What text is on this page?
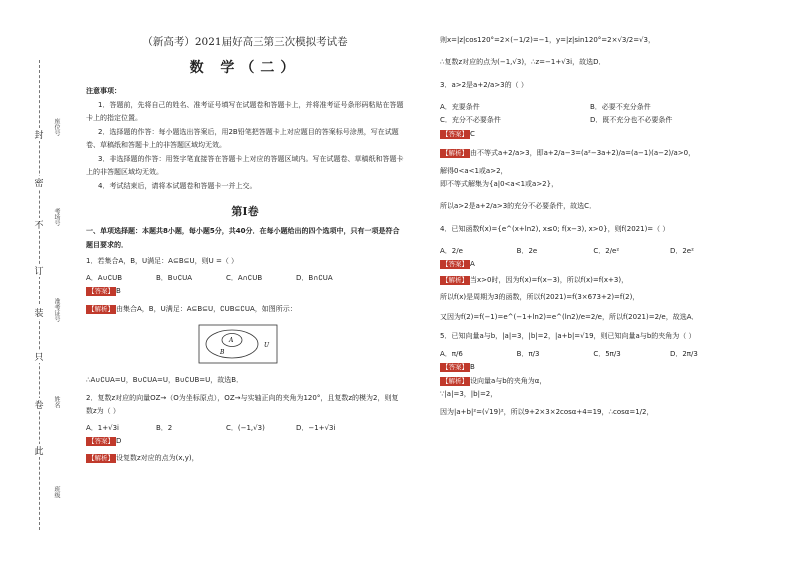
封
密
不
订
装
只
卷
此
座位号
考场号
准考证号
姓名
班级
（新高考）2021届好高三第三次模拟考试卷
数 学（二）
注意事项：
1．答题前，先将自己的姓名、准考证号填写在试题卷和答题卡上，并将准考证号条形码粘贴在答题卡上的指定位置。
2．选择题的作答：每小题选出答案后，用2B铅笔把答题卡上对应题目的答案标号涂黑，写在试题卷、草稿纸和答题卡上的非答题区域均无效。
3．非选择题的作答：用签字笔直接答在答题卡上对应的答题区域内。写在试题卷、草稿纸和答题卡上的非答题区域均无效。
4．考试结束后，请将本试题卷和答题卡一并上交。
第Ⅰ卷
一、单项选择题：本题共8小题，每小题5分，共40分．在每小题给出的四个选项中，只有一项是符合题目要求的．
1．若集合A，B，U满足：A⊆B⊆U，则U =（ ）
A．A∪∁UB	B．B∪∁UA	C．A∩∁UB	D．B∩∁UA
【答案】 B
【解析】 由集合A，B，U满足：A⊆B⊆U，∁UB⊆∁UA，如图所示：
A
B
U
∴A∪∁UA=U，B∪∁UA=U，B∪∁UB=U，故选B．
2．复数z对应的向量OZ→（O为坐标原点），OZ→与实轴正向的夹角为120°，且复数z的模为2，则复数z为（ ）
A．1+√3i	B．2	C．(−1,√3)	D．−1+√3i
【答案】 D
【解析】 设复数z对应的点为(x,y)，
则x=|z|cos120°=2×(−1/2)=−1，y=|z|sin120°=2×√3/2=√3，
∴复数z对应的点为(−1,√3)，∴z=−1+√3i，故选D．
3．a>2是a+2/a>3的（ ）
A．充要条件	B．必要不充分条件
C．充分不必要条件	D．既不充分也不必要条件
【答案】 C
【解析】 由不等式a+2/a>3，即a+2/a−3=(a²−3a+2)/a=(a−1)(a−2)/a>0，
解得0<a<1或a>2，
即不等式解集为{a|0<a<1或a>2}，
所以a>2是a+2/a>3的充分不必要条件，故选C．
4．已知函数f(x)={e^(x+ln2), x≤0; f(x−3), x>0}，则f(2021)=（ ）
A．2/e	B．2e	C．2/e²	D．2e²
【答案】 A
【解析】 当x>0时，因为f(x)=f(x−3)，所以f(x)=f(x+3)，
所以f(x)是周期为3的函数，所以f(2021)=f(3×673+2)=f(2)，
又因为f(2)=f(−1)=e^(−1+ln2)=e^(ln2)/e=2/e，所以f(2021)=2/e，故选A．
5．已知向量a与b，|a|=3，|b|=2，|a+b|=√19，则已知向量a与b的夹角为（ ）
A．π/6	B．π/3	C．5π/3	D．2π/3
【答案】 B
【解析】 设向量a与b的夹角为α，
∵|a|=3，|b|=2，
因为|a+b|²=(√19)²，所以9+2×3×2cosα+4=19，∴cosα=1/2，
